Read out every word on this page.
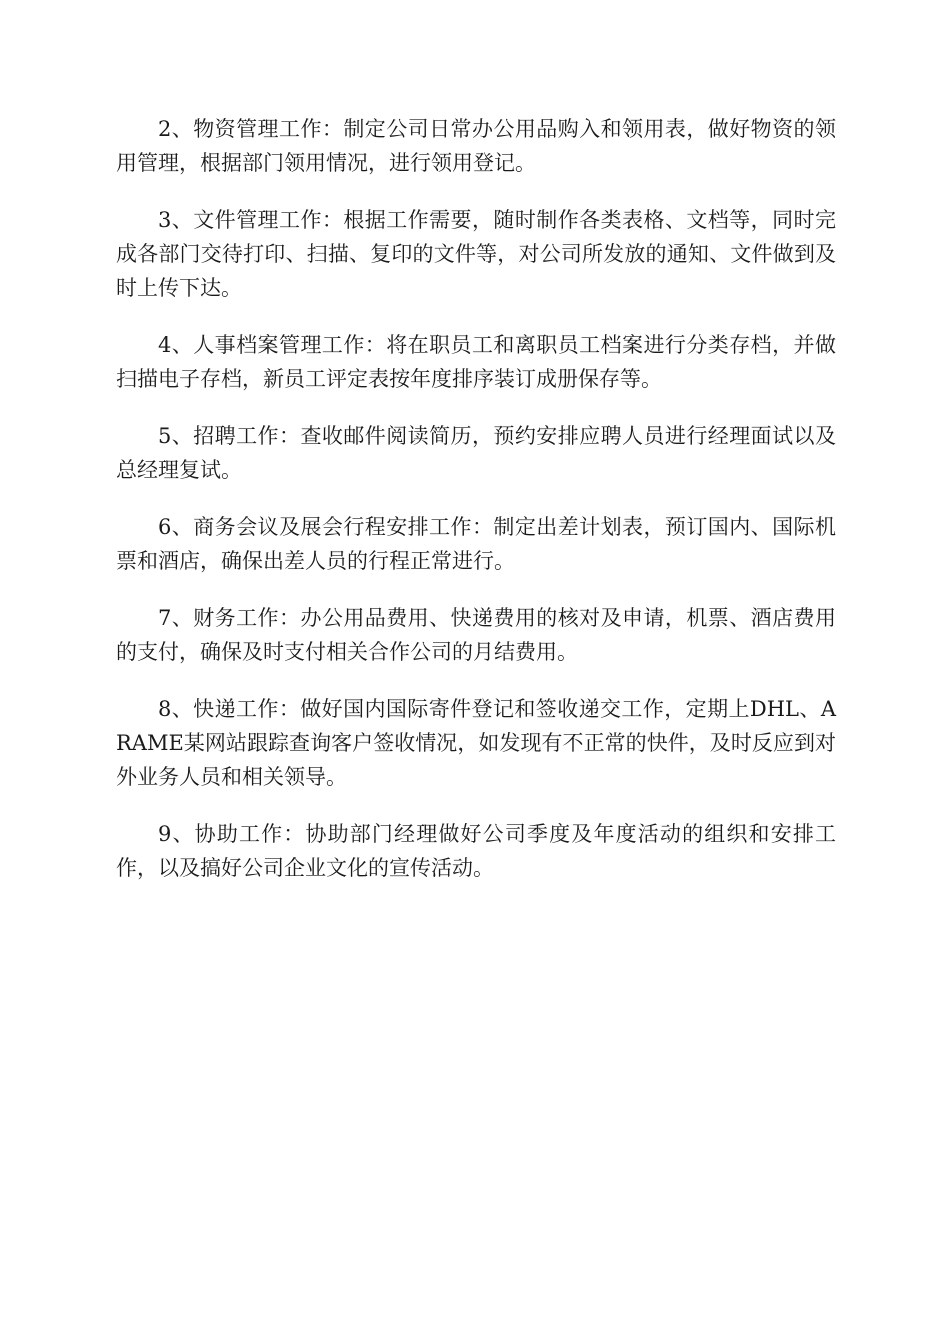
2、物资管理工作：制定公司日常办公用品购入和领用表，做好物资的领用管理，根据部门领用情况，进行领用登记。

3、文件管理工作：根据工作需要，随时制作各类表格、文档等，同时完成各部门交待打印、扫描、复印的文件等，对公司所发放的通知、文件做到及时上传下达。

4、人事档案管理工作：将在职员工和离职员工档案进行分类存档，并做扫描电子存档，新员工评定表按年度排序装订成册保存等。

5、招聘工作：查收邮件阅读简历，预约安排应聘人员进行经理面试以及总经理复试。

6、商务会议及展会行程安排工作：制定出差计划表，预订国内、国际机票和酒店，确保出差人员的行程正常进行。

7、财务工作：办公用品费用、快递费用的核对及申请，机票、酒店费用的支付，确保及时支付相关合作公司的月结费用。

8、快递工作：做好国内国际寄件登记和签收递交工作，定期上DHL、ARAME某网站跟踪查询客户签收情况，如发现有不正常的快件，及时反应到对外业务人员和相关领导。

9、协助工作：协助部门经理做好公司季度及年度活动的组织和安排工作，以及搞好公司企业文化的宣传活动。
